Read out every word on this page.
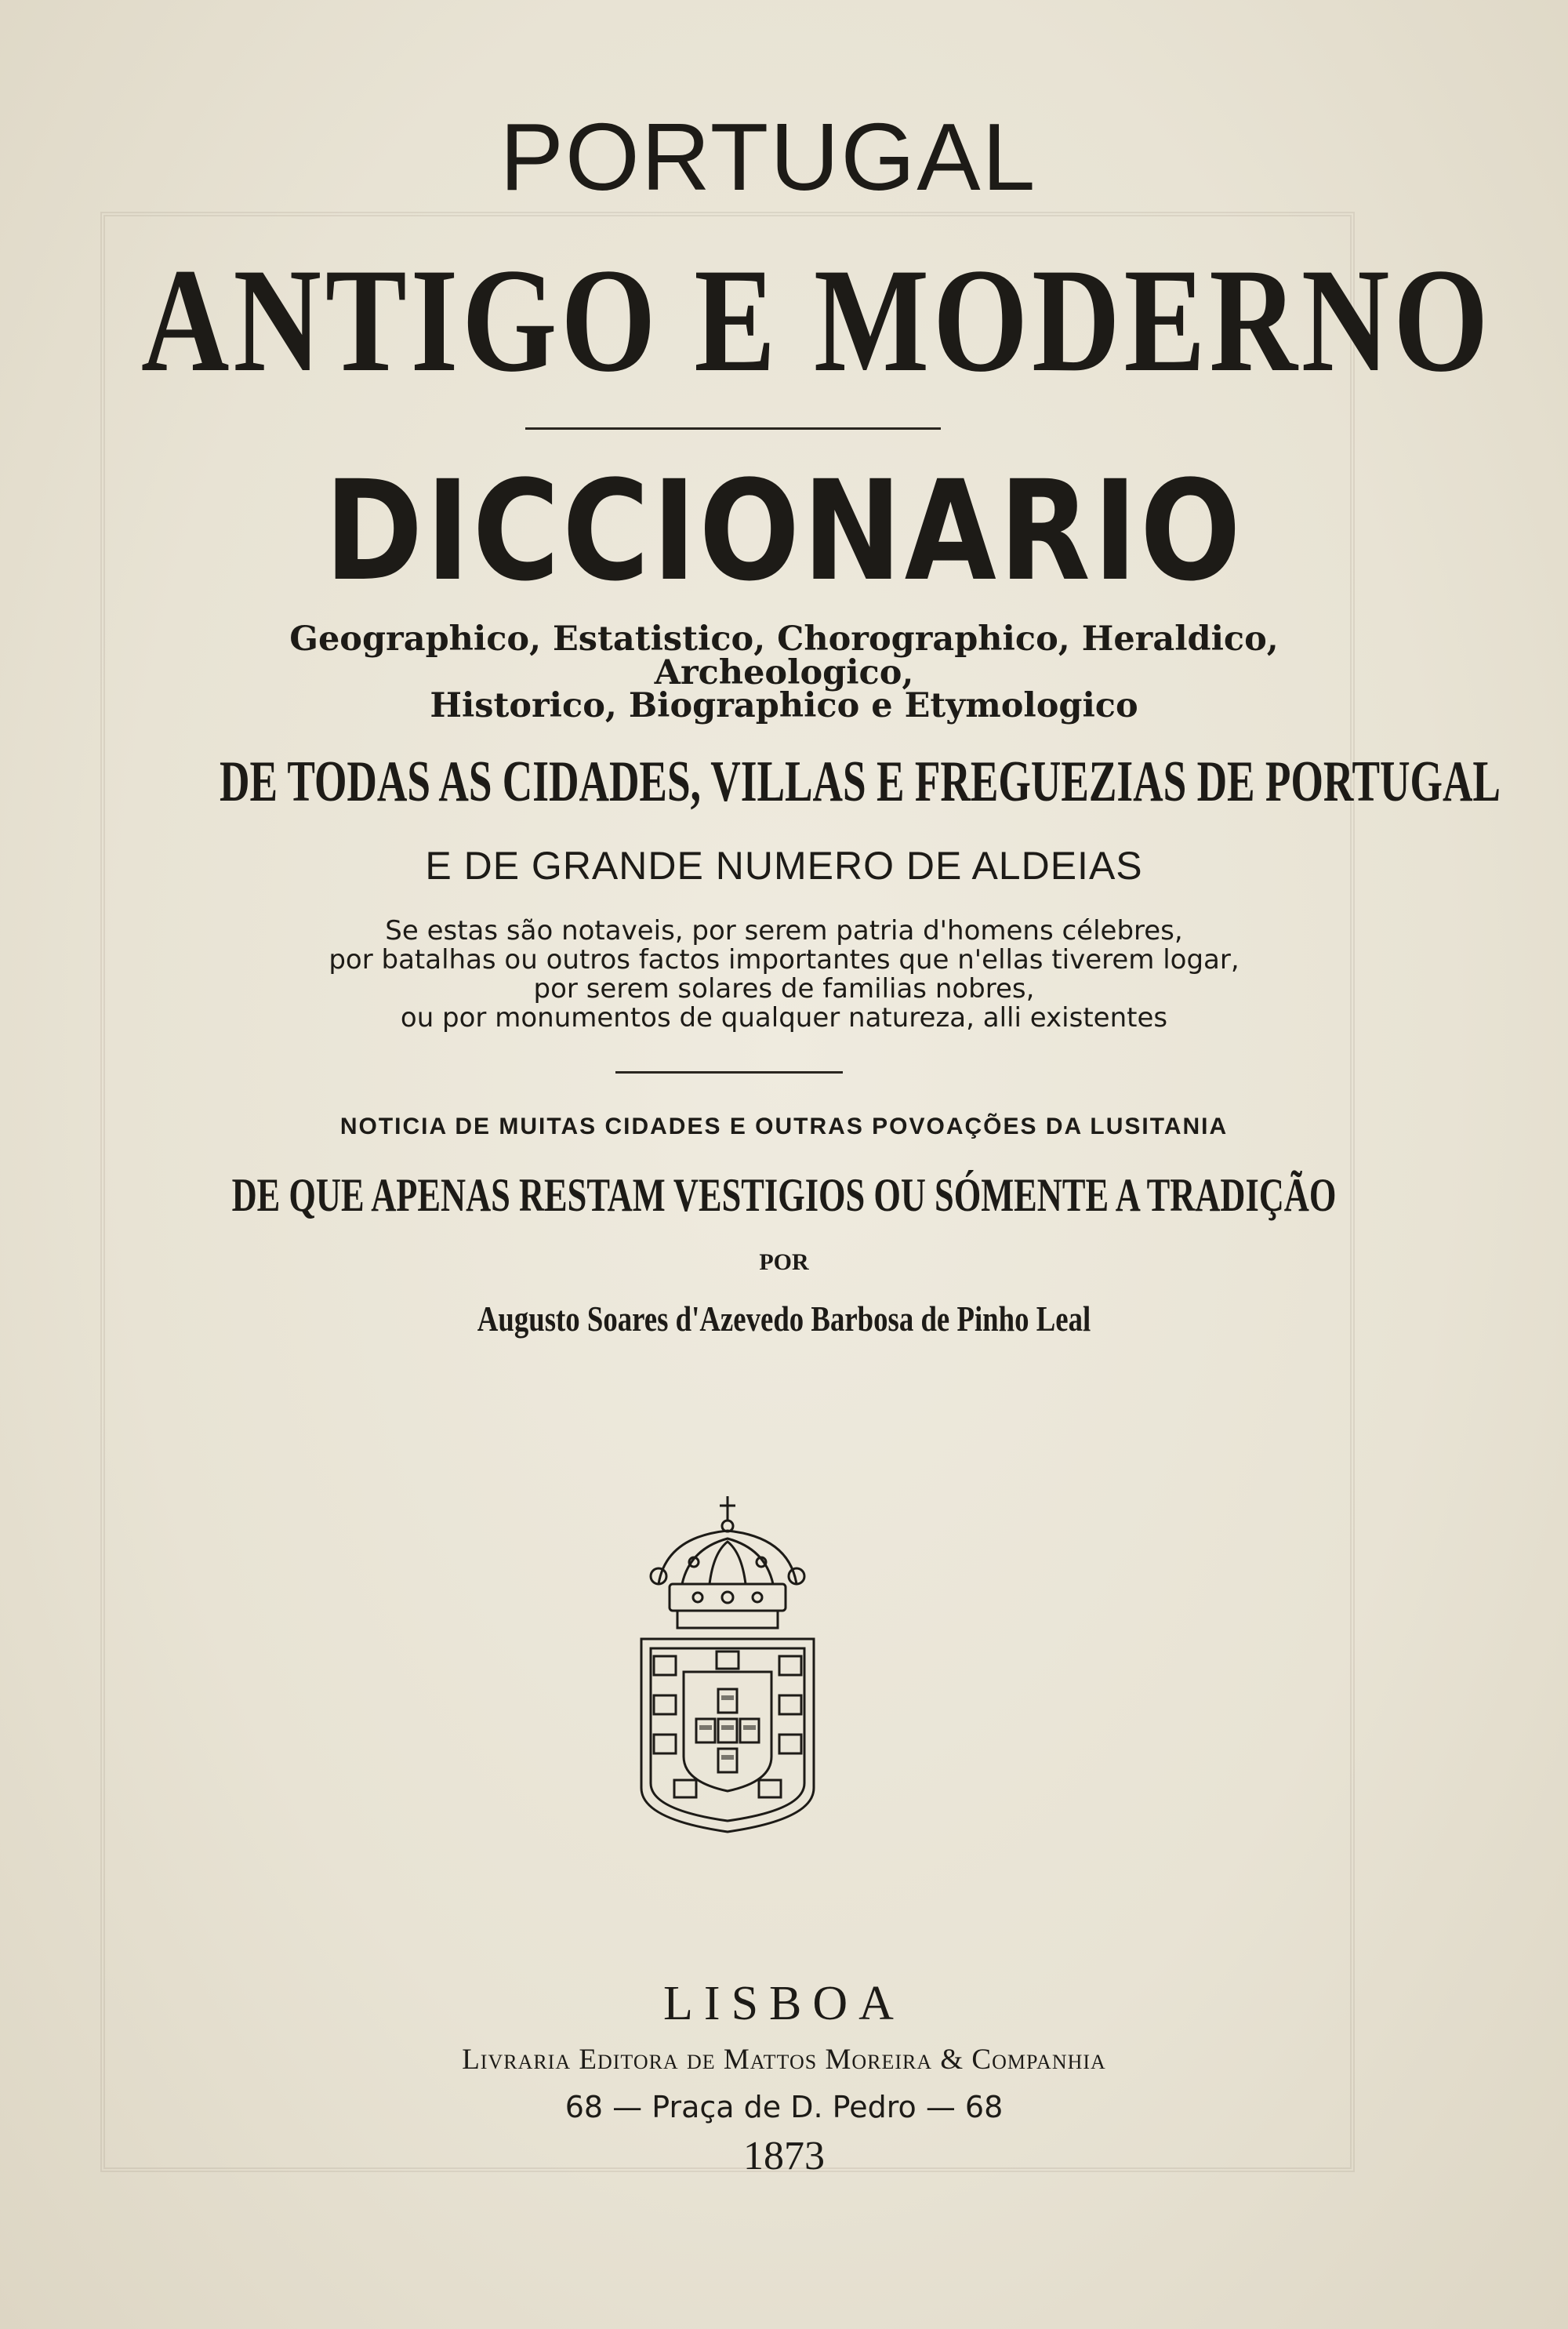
PORTUGAL
ANTIGO E MODERNO
DICCIONARIO
Geographico, Estatistico, Chorographico, Heraldico,
Archeologico,
Historico, Biographico e Etymologico
DE TODAS AS CIDADES, VILLAS E FREGUEZIAS DE PORTUGAL
E DE GRANDE NUMERO DE ALDEIAS
Se estas são notaveis, por serem patria d'homens célebres,
por batalhas ou outros factos importantes que n'ellas tiverem logar,
por serem solares de familias nobres,
ou por monumentos de qualquer natureza, alli existentes
NOTICIA DE MUITAS CIDADES E OUTRAS POVOAÇÕES DA LUSITANIA
DE QUE APENAS RESTAM VESTIGIOS OU SÓMENTE A TRADIÇÃO
POR
Augusto Soares d'Azevedo Barbosa de Pinho Leal
LISBOA
Livraria Editora de Mattos Moreira & Companhia
68 — Praça de D. Pedro — 68
1873
